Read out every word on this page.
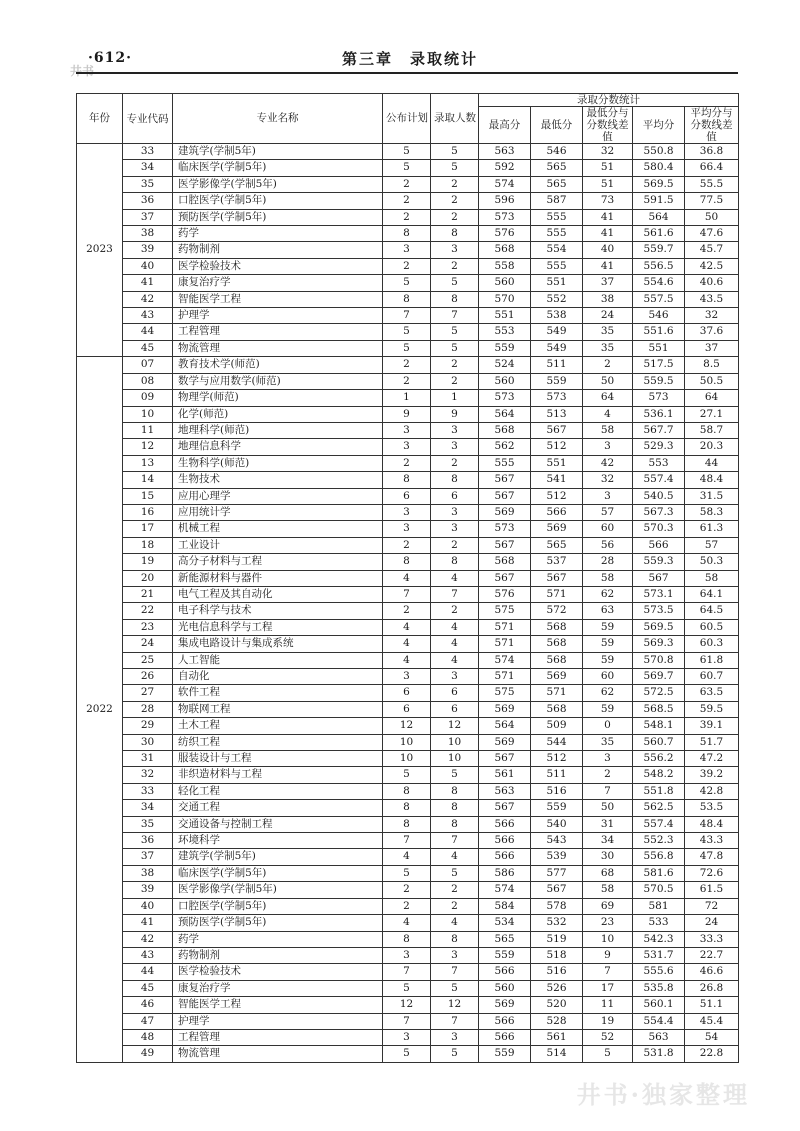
·612·	第三章　录取统计
井书
年份	专业代码	专业名称	公布计划	录取人数	录取分数统计				
					最高分	最低分	最低分与分数线差值	平均分	平均分与分数线差值
2023	33	建筑学(学制5年)	5	5	563	546	32	550.8	36.8
	34	临床医学(学制5年)	5	5	592	565	51	580.4	66.4
	35	医学影像学(学制5年)	2	2	574	565	51	569.5	55.5
	36	口腔医学(学制5年)	2	2	596	587	73	591.5	77.5
	37	预防医学(学制5年)	2	2	573	555	41	564	50
	38	药学	8	8	576	555	41	561.6	47.6
	39	药物制剂	3	3	568	554	40	559.7	45.7
	40	医学检验技术	2	2	558	555	41	556.5	42.5
	41	康复治疗学	5	5	560	551	37	554.6	40.6
	42	智能医学工程	8	8	570	552	38	557.5	43.5
	43	护理学	7	7	551	538	24	546	32
	44	工程管理	5	5	553	549	35	551.6	37.6
	45	物流管理	5	5	559	549	35	551	37
2022	07	教育技术学(师范)	2	2	524	511	2	517.5	8.5
	08	数学与应用数学(师范)	2	2	560	559	50	559.5	50.5
	09	物理学(师范)	1	1	573	573	64	573	64
	10	化学(师范)	9	9	564	513	4	536.1	27.1
	11	地理科学(师范)	3	3	568	567	58	567.7	58.7
	12	地理信息科学	3	3	562	512	3	529.3	20.3
	13	生物科学(师范)	2	2	555	551	42	553	44
	14	生物技术	8	8	567	541	32	557.4	48.4
	15	应用心理学	6	6	567	512	3	540.5	31.5
	16	应用统计学	3	3	569	566	57	567.3	58.3
	17	机械工程	3	3	573	569	60	570.3	61.3
	18	工业设计	2	2	567	565	56	566	57
	19	高分子材料与工程	8	8	568	537	28	559.3	50.3
	20	新能源材料与器件	4	4	567	567	58	567	58
	21	电气工程及其自动化	7	7	576	571	62	573.1	64.1
	22	电子科学与技术	2	2	575	572	63	573.5	64.5
	23	光电信息科学与工程	4	4	571	568	59	569.5	60.5
	24	集成电路设计与集成系统	4	4	571	568	59	569.3	60.3
	25	人工智能	4	4	574	568	59	570.8	61.8
	26	自动化	3	3	571	569	60	569.7	60.7
	27	软件工程	6	6	575	571	62	572.5	63.5
	28	物联网工程	6	6	569	568	59	568.5	59.5
	29	土木工程	12	12	564	509	0	548.1	39.1
	30	纺织工程	10	10	569	544	35	560.7	51.7
	31	服装设计与工程	10	10	567	512	3	556.2	47.2
	32	非织造材料与工程	5	5	561	511	2	548.2	39.2
	33	轻化工程	8	8	563	516	7	551.8	42.8
	34	交通工程	8	8	567	559	50	562.5	53.5
	35	交通设备与控制工程	8	8	566	540	31	557.4	48.4
	36	环境科学	7	7	566	543	34	552.3	43.3
	37	建筑学(学制5年)	4	4	566	539	30	556.8	47.8
	38	临床医学(学制5年)	5	5	586	577	68	581.6	72.6
	39	医学影像学(学制5年)	2	2	574	567	58	570.5	61.5
	40	口腔医学(学制5年)	2	2	584	578	69	581	72
	41	预防医学(学制5年)	4	4	534	532	23	533	24
	42	药学	8	8	565	519	10	542.3	33.3
	43	药物制剂	3	3	559	518	9	531.7	22.7
	44	医学检验技术	7	7	566	516	7	555.6	46.6
	45	康复治疗学	5	5	560	526	17	535.8	26.8
	46	智能医学工程	12	12	569	520	11	560.1	51.1
	47	护理学	7	7	566	528	19	554.4	45.4
	48	工程管理	3	3	566	561	52	563	54
	49	物流管理	5	5	559	514	5	531.8	22.8
井书·独家整理
